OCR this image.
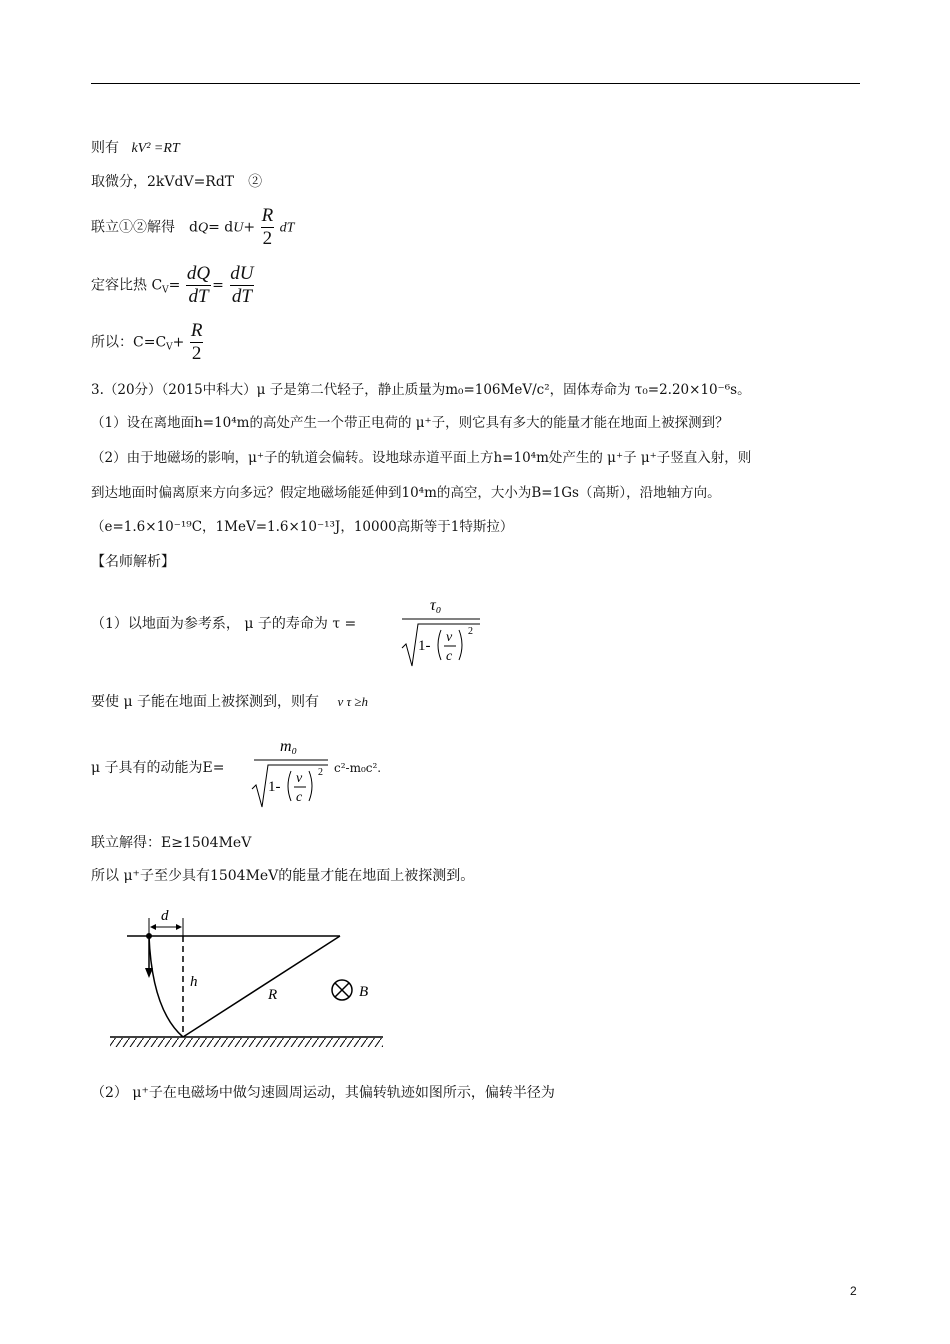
则有 kV² =RT
取微分，2kVdV=RdT　②
联立①②解得　$dQ= dU+ \frac{R}{2}$ dT
定容比热 $C_V= \frac{dQ}{dT} = \frac{dU}{dT}$
所以：$C=C_V+ \frac{R}{2}$
3.（20分）（2015中科大）μ 子是第二代轻子，静止质量为m₀=106MeV/c²，固体寿命为 τ₀=2.20×10⁻⁶s。
（1）设在离地面h=10⁴m的高处产生一个带正电荷的 μ⁺子，则它具有多大的能量才能在地面上被探测到？
（2）由于地磁场的影响，μ⁺子的轨道会偏转。设地球赤道平面上方h=10⁴m处产生的 μ⁺子 μ⁺子竖直入射，则
到达地面时偏离原来方向多远？假定地磁场能延伸到10⁴m的高空，大小为B=1Gs（高斯），沿地轴方向。
（e=1.6×10⁻¹⁹C，1MeV=1.6×10⁻¹³J，10000高斯等于1特斯拉）
【名师解析】
（1）以地面为参考系， μ 子的寿命为 τ =
τ₀
1-
v
c
2
要使 μ 子能在地面上被探测到，则有 v τ ≥h
μ 子具有的动能为E=
m₀
1-
v
c
2 c²-m₀c².
联立解得：E≥1504MeV
所以 μ⁺子至少具有1504MeV的能量才能在地面上被探测到。
d
h
R	B
（2） μ⁺子在电磁场中做匀速圆周运动，其偏转轨迹如图所示，偏转半径为
2
